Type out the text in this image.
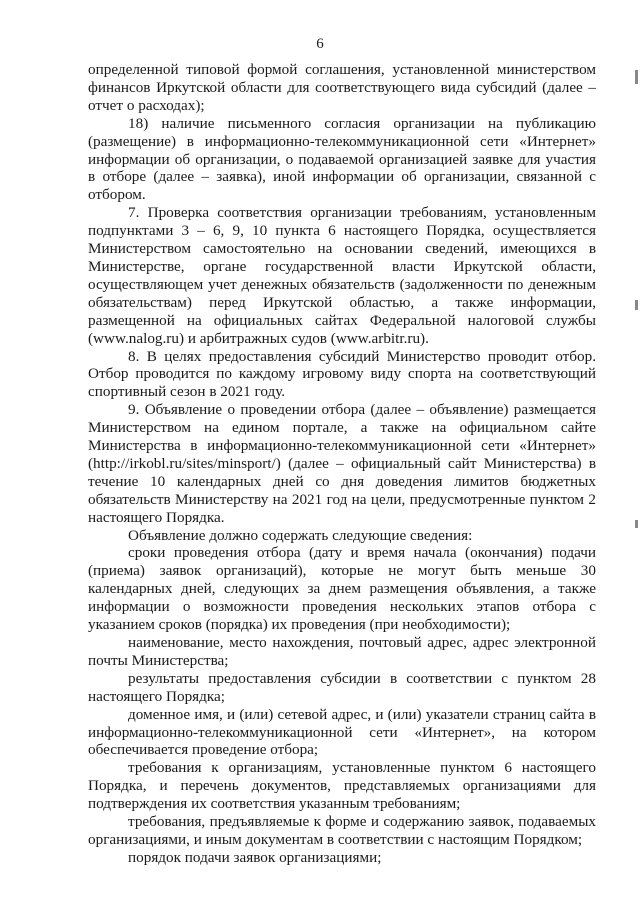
6

определенной типовой формой соглашения, установленной министерством финансов Иркутской области для соответствующего вида субсидий (далее – отчет о расходах);

18) наличие письменного согласия организации на публикацию (размещение) в информационно-телекоммуникационной сети «Интернет» информации об организации, о подаваемой организацией заявке для участия в отборе (далее – заявка), иной информации об организации, связанной с отбором.

7. Проверка соответствия организации требованиям, установленным подпунктами 3 – 6, 9, 10 пункта 6 настоящего Порядка, осуществляется Министерством самостоятельно на основании сведений, имеющихся в Министерстве, органе государственной власти Иркутской области, осуществляющем учет денежных обязательств (задолженности по денежным обязательствам) перед Иркутской областью, а также информации, размещенной на официальных сайтах Федеральной налоговой службы (www.nalog.ru) и арбитражных судов (www.arbitr.ru).

8. В целях предоставления субсидий Министерство проводит отбор. Отбор проводится по каждому игровому виду спорта на соответствующий спортивный сезон в 2021 году.

9. Объявление о проведении отбора (далее – объявление) размещается Министерством на едином портале, а также на официальном сайте Министерства в информационно-телекоммуникационной сети «Интернет» (http://irkobl.ru/sites/minsport/) (далее – официальный сайт Министерства) в течение 10 календарных дней со дня доведения лимитов бюджетных обязательств Министерству на 2021 год на цели, предусмотренные пунктом 2 настоящего Порядка.

Объявление должно содержать следующие сведения:

сроки проведения отбора (дату и время начала (окончания) подачи (приема) заявок организаций), которые не могут быть меньше 30 календарных дней, следующих за днем размещения объявления, а также информации о возможности проведения нескольких этапов отбора с указанием сроков (порядка) их проведения (при необходимости);

наименование, место нахождения, почтовый адрес, адрес электронной почты Министерства;

результаты предоставления субсидии в соответствии с пунктом 28 настоящего Порядка;

доменное имя, и (или) сетевой адрес, и (или) указатели страниц сайта в информационно-телекоммуникационной сети «Интернет», на котором обеспечивается проведение отбора;

требования к организациям, установленные пунктом 6 настоящего Порядка, и перечень документов, представляемых организациями для подтверждения их соответствия указанным требованиям;

требования, предъявляемые к форме и содержанию заявок, подаваемых организациями, и иным документам в соответствии с настоящим Порядком;

порядок подачи заявок организациями;
